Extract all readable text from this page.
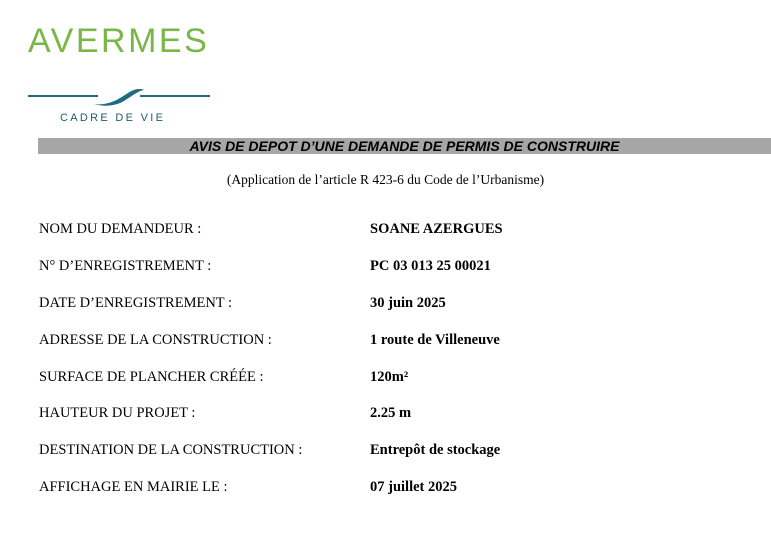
AVERMES
CADRE DE VIE
AVIS DE DEPOT D’UNE DEMANDE DE PERMIS DE CONSTRUIRE
(Application de l’article R 423-6 du Code de l’Urbanisme)
NOM DU DEMANDEUR :	SOANE AZERGUES
N° D’ENREGISTREMENT :	PC 03 013 25 00021
DATE D’ENREGISTREMENT :	30 juin 2025
ADRESSE DE LA CONSTRUCTION :	1 route de Villeneuve
SURFACE DE PLANCHER CRÉÉE :	120m²
HAUTEUR DU PROJET :	2.25 m
DESTINATION DE LA CONSTRUCTION :	Entrepôt de stockage
AFFICHAGE EN MAIRIE LE :	07 juillet 2025
